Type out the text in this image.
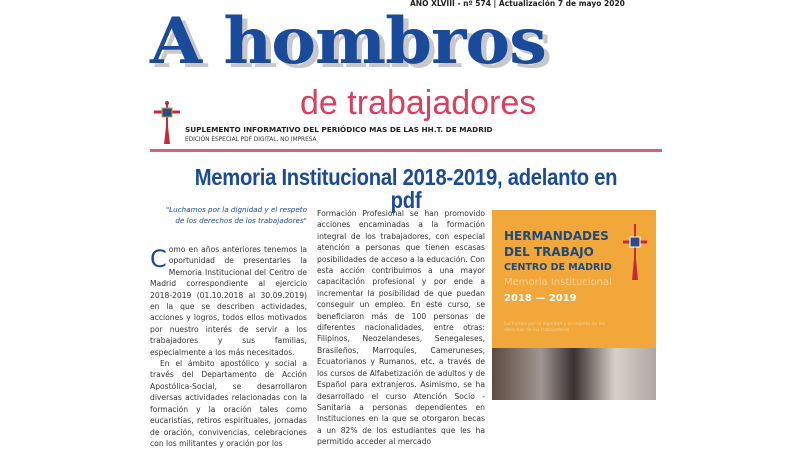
AÑO XLVIII - nº 574 | Actualización 7 de mayo 2020
A hombros
de trabajadores
SUPLEMENTO INFORMATIVO DEL PERIÓDICO MAS DE LAS HH.T. DE MADRID
EDICIÓN ESPECIAL PDF DIGITAL, NO IMPRESA
Memoria Institucional 2018-2019, adelanto en pdf
"Luchamos por la dignidad y el respeto de los derechos de los trabajadores"

Como en años anteriores tenemos la oportunidad de presentarles la Memoria Institucional del Centro de Madrid correspondiente al ejercicio 2018-2019 (01.10.2018 al 30.09.2019) en la que se describen actividades, acciones y logros, todos ellos motivados por nuestro interés de servir a los trabajadores y sus familias, especialmente a los más necesitados.

En el ámbito apostólico y social a través del Departamento de Acción Apostólica-Social, se desarrollaron diversas actividades relacionadas con la formación y la oración tales como eucaristías, retiros espirituales, jornadas de oración, convivencias, celebraciones con los militantes y oración por los

Formación Profesional se han promovido acciones encaminadas a la formación integral de los trabajadores, con especial atención a personas que tienen escasas posibilidades de acceso a la educación. Con esta acción contribuimos a una mayor capacitación profesional y por ende a incrementar la posibilidad de que puedan conseguir un empleo. En este curso, se beneficiaron más de 100 personas de diferentes nacionalidades, entre otras: Filipinos, Neozelandeses, Senegaleses, Brasileños, Marroquíes, Cameruneses, Ecuatorianos y Rumanos, etc. a través de los cursos de Alfabetización de adultos y de Español para extranjeros. Asimismo, se ha desarrollado el curso Atención Socio - Sanitaria a personas dependientes en Instituciones en la que se otorgaron becas a un 82% de los estudiantes que les ha permitido acceder al mercado

HERMANDADES
DEL TRABAJO
CENTRO DE MADRID
Memoria Institucional
2018 — 2019
Luchamos por la dignidad y el respeto de los derechos de los trabajadores
